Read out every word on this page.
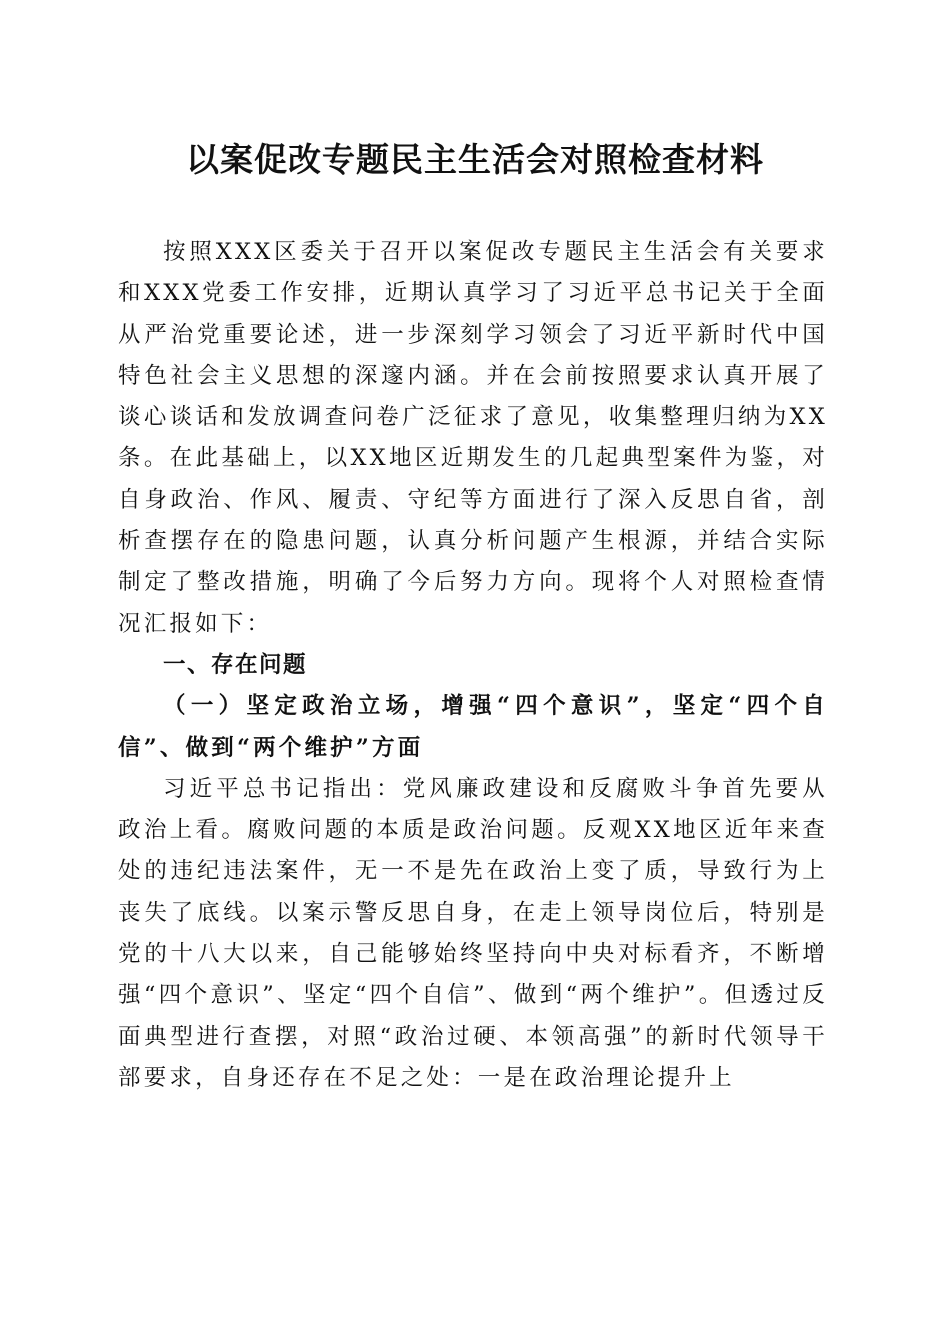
以案促改专题民主生活会对照检查材料

按照XXX区委关于召开以案促改专题民主生活会有关要求和XXX党委工作安排，近期认真学习了习近平总书记关于全面从严治党重要论述，进一步深刻学习领会了习近平新时代中国特色社会主义思想的深邃内涵。并在会前按照要求认真开展了谈心谈话和发放调查问卷广泛征求了意见，收集整理归纳为XX条。在此基础上，以XX地区近期发生的几起典型案件为鉴，对自身政治、作风、履责、守纪等方面进行了深入反思自省，剖析查摆存在的隐患问题，认真分析问题产生根源，并结合实际制定了整改措施，明确了今后努力方向。现将个人对照检查情况汇报如下：

一、存在问题

（一）坚定政治立场，增强“四个意识”，坚定“四个自信”、做到“两个维护”方面

习近平总书记指出：党风廉政建设和反腐败斗争首先要从政治上看。腐败问题的本质是政治问题。反观XX地区近年来查处的违纪违法案件，无一不是先在政治上变了质，导致行为上丧失了底线。以案示警反思自身，在走上领导岗位后，特别是党的十八大以来，自己能够始终坚持向中央对标看齐，不断增强“四个意识”、坚定“四个自信”、做到“两个维护”。但透过反面典型进行查摆，对照“政治过硬、本领高强”的新时代领导干部要求，自身还存在不足之处：一是在政治理论提升上
